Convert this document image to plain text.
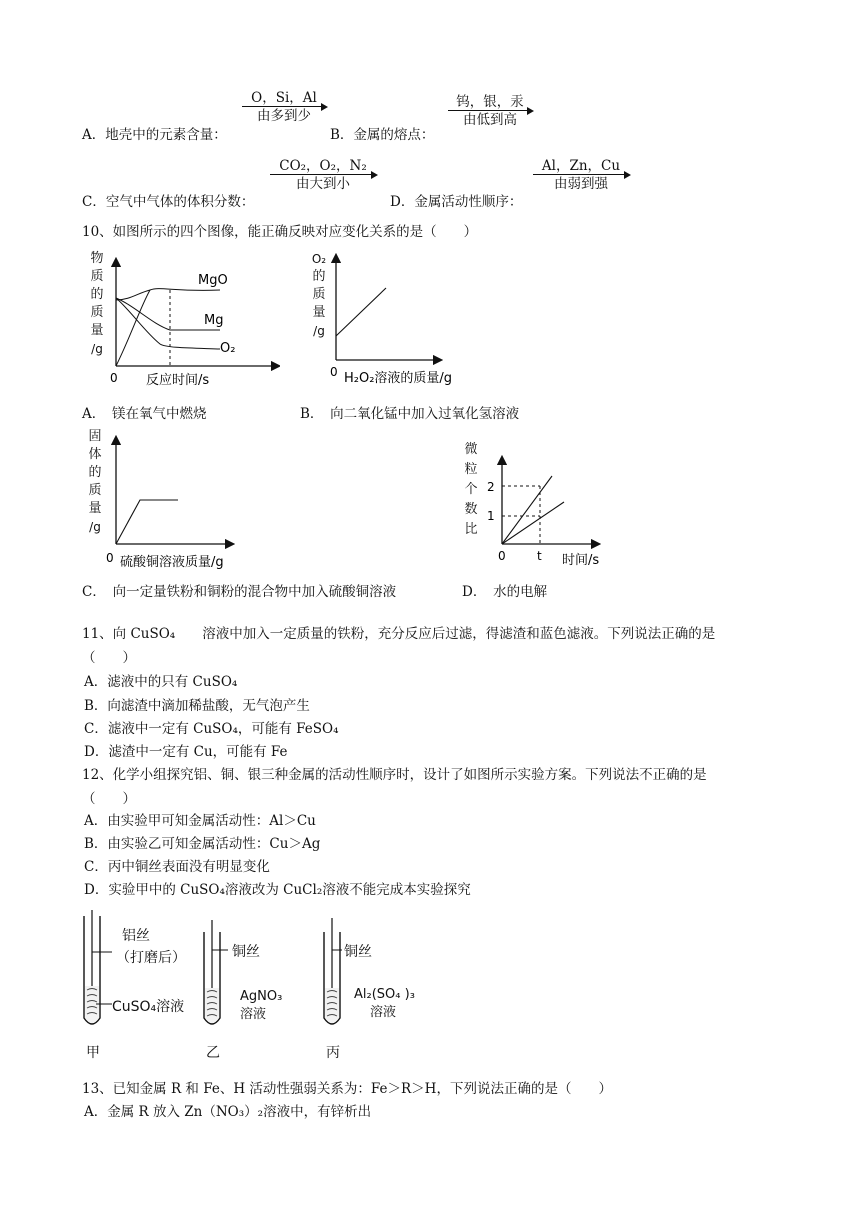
A．地壳中的元素含量：
O，Si，Al
由多到少
B．金属的熔点：
钨，银，汞
由低到高
C．空气中气体的体积分数：
CO₂，O₂，N₂
由大到小
D．金属活动性顺序：
Al，Zn，Cu
由弱到强
10、如图所示的四个图像，能正确反映对应变化关系的是（　　）
MgO
Mg
O₂
0 反应时间/s
物
质
的
质
量
/g
A．　镁在氧气中燃烧
0 H₂O₂溶液的质量/g
O₂
的
质
量
/g
B．　向二氧化锰中加入过氧化氢溶液
0 硫酸铜溶液质量/g
固
体
的
质
量
/g
C．　向一定量铁粉和铜粉的混合物中加入硫酸铜溶液
2
1
0	t 时间/s
微
粒
个
数
比
D．　水的电解
11、向 CuSO₄　　溶液中加入一定质量的铁粉，充分反应后过滤，得滤渣和蓝色滤液。下列说法正确的是
（　　）
A．滤液中的只有 CuSO₄
B．向滤渣中滴加稀盐酸，无气泡产生
C．滤液中一定有 CuSO₄，可能有 FeSO₄
D．滤渣中一定有 Cu，可能有 Fe
12、化学小组探究铝、铜、银三种金属的活动性顺序时，设计了如图所示实验方案。下列说法不正确的是
（　　）
A．由实验甲可知金属活动性：Al＞Cu
B．由实验乙可知金属活动性：Cu＞Ag
C．丙中铜丝表面没有明显变化
D．实验甲中的 CuSO₄溶液改为 CuCl₂溶液不能完成本实验探究
铝丝
（打磨后）
CuSO₄溶液
甲
铜丝
AgNO₃
溶液
乙
铜丝
Al₂(SO₄ )₃
溶液
丙
13、已知金属 R 和 Fe、H 活动性强弱关系为：Fe＞R＞H，下列说法正确的是（　　）
A．金属 R 放入 Zn（NO₃）₂溶液中，有锌析出
